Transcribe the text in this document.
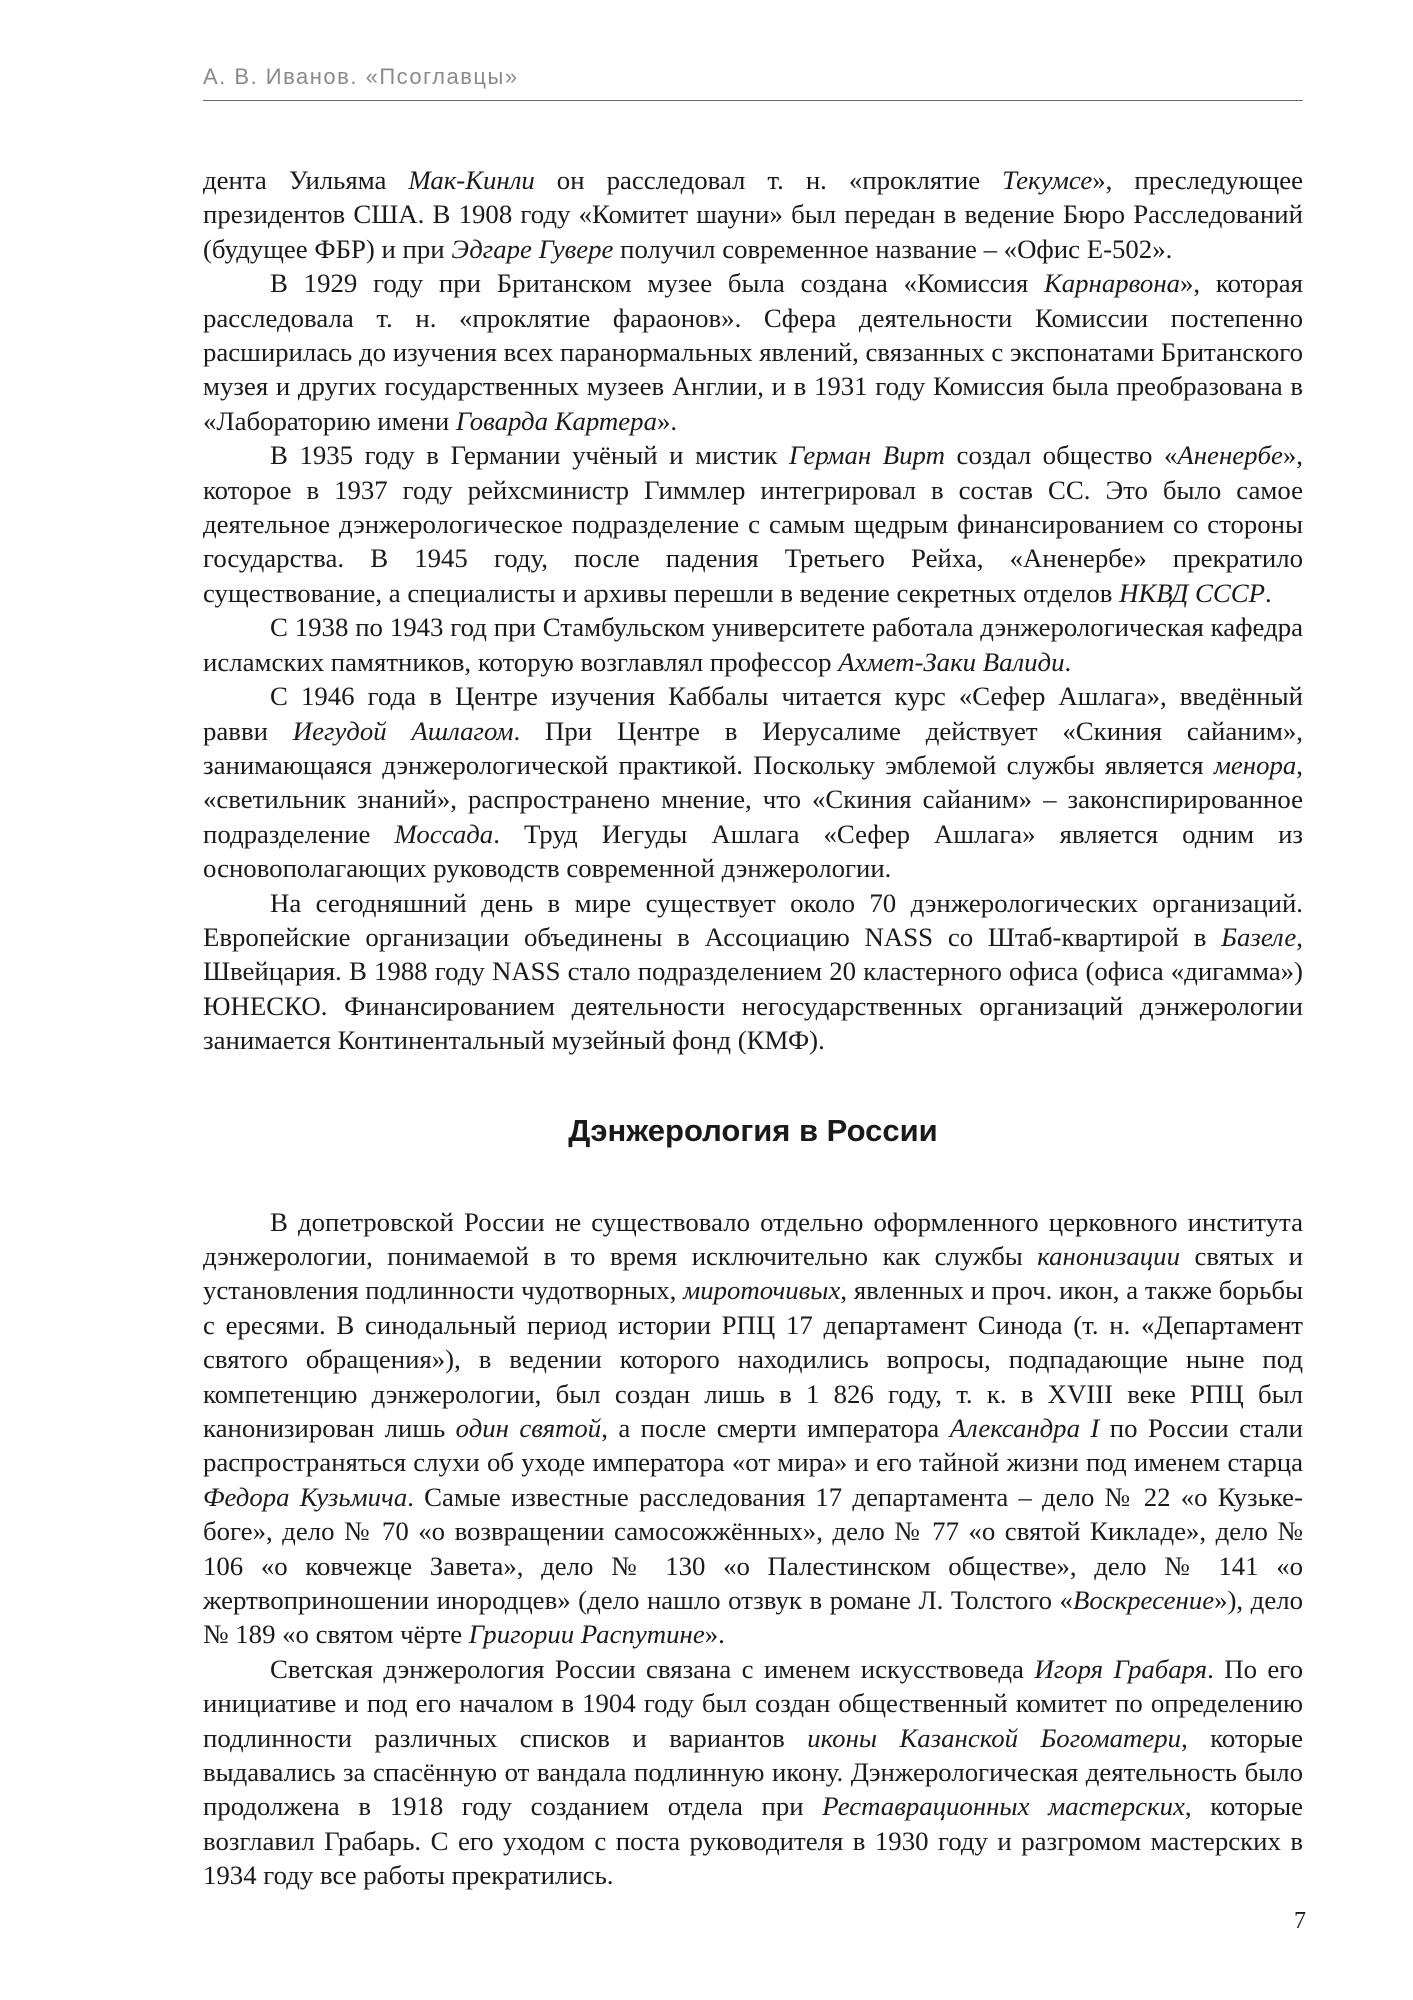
А. В. Иванов. «Псоглавцы»

дента Уильяма Мак-Кинли он расследовал т. н. «проклятие Текумсе», преследующее президентов США. В 1908 году «Комитет шауни» был передан в ведение Бюро Расследований (будущее ФБР) и при Эдгаре Гувере получил современное название – «Офис Е-502».

В 1929 году при Британском музее была создана «Комиссия Карнарвона», которая расследовала т. н. «проклятие фараонов». Сфера деятельности Комиссии постепенно расширилась до изучения всех паранормальных явлений, связанных с экспонатами Британского музея и других государственных музеев Англии, и в 1931 году Комиссия была преобразована в «Лабораторию имени Говарда Картера».

В 1935 году в Германии учёный и мистик Герман Вирт создал общество «Аненербе», которое в 1937 году рейхсминистр Гиммлер интегрировал в состав СС. Это было самое деятельное дэнжерологическое подразделение с самым щедрым финансированием со стороны государства. В 1945 году, после падения Третьего Рейха, «Аненербе» прекратило существование, а специалисты и архивы перешли в ведение секретных отделов НКВД СССР.

С 1938 по 1943 год при Стамбульском университете работала дэнжерологическая кафедра исламских памятников, которую возглавлял профессор Ахмет-Заки Валиди.

С 1946 года в Центре изучения Каббалы читается курс «Сефер Ашлага», введённый равви Иегудой Ашлагом. При Центре в Иерусалиме действует «Скиния сайаним», занимающаяся дэнжерологической практикой. Поскольку эмблемой службы является менора, «светильник знаний», распространено мнение, что «Скиния сайаним» – законспирированное подразделение Моссада. Труд Иегуды Ашлага «Сефер Ашлага» является одним из основополагающих руководств современной дэнжерологии.

На сегодняшний день в мире существует около 70 дэнжерологических организаций. Европейские организации объединены в Ассоциацию NASS со Штаб-квартирой в Базеле, Швейцария. В 1988 году NASS стало подразделением 20 кластерного офиса (офиса «дигамма») ЮНЕСКО. Финансированием деятельности негосударственных организаций дэнжерологии занимается Континентальный музейный фонд (КМФ).

Дэнжерология в России

В допетровской России не существовало отдельно оформленного церковного института дэнжерологии, понимаемой в то время исключительно как службы канонизации святых и установления подлинности чудотворных, мироточивых, явленных и проч. икон, а также борьбы с ересями. В синодальный период истории РПЦ 17 департамент Синода (т. н. «Департамент святого обращения»), в ведении которого находились вопросы, подпадающие ныне под компетенцию дэнжерологии, был создан лишь в 1 826 году, т. к. в XVIII веке РПЦ был канонизирован лишь один святой, а после смерти императора Александра I по России стали распространяться слухи об уходе императора «от мира» и его тайной жизни под именем старца Федора Кузьмича. Самые известные расследования 17 департамента – дело № 22 «о Кузьке-боге», дело № 70 «о возвращении самосожжённых», дело № 77 «о святой Кикладе», дело № 106 «о ковчежце Завета», дело № 130 «о Палестинском обществе», дело № 141 «о жертвоприношении инородцев» (дело нашло отзвук в романе Л. Толстого «Воскресение»), дело № 189 «о святом чёрте Григории Распутине».

Светская дэнжерология России связана с именем искусствоведа Игоря Грабаря. По его инициативе и под его началом в 1904 году был создан общественный комитет по определению подлинности различных списков и вариантов иконы Казанской Богоматери, которые выдавались за спасённую от вандала подлинную икону. Дэнжерологическая деятельность было продолжена в 1918 году созданием отдела при Реставрационных мастерских, которые возглавил Грабарь. С его уходом с поста руководителя в 1930 году и разгромом мастерских в 1934 году все работы прекратились.

7
